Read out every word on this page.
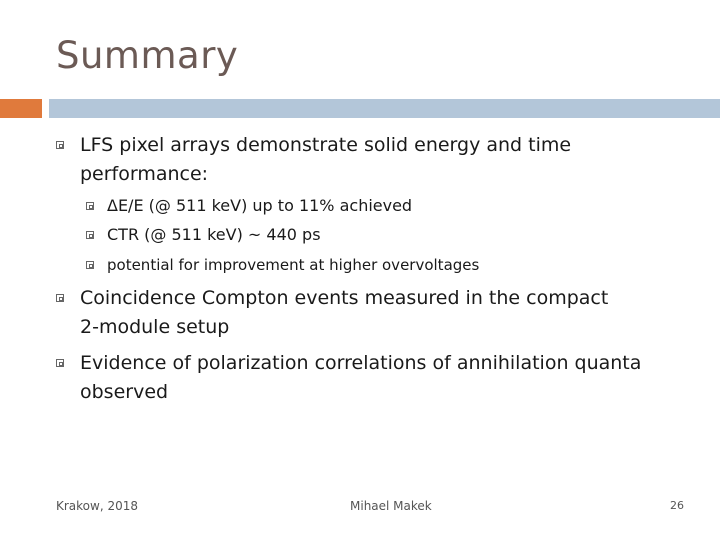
Summary
LFS pixel arrays demonstrate solid energy and time
performance:
ΔE/E (@ 511 keV) up to 11% achieved
CTR (@ 511 keV) ~ 440 ps
potential for improvement at higher overvoltages
Coincidence Compton events measured in the compact
2-module setup
Evidence of polarization correlations of annihilation quanta
observed
Krakow, 2018	Mihael Makek	26
